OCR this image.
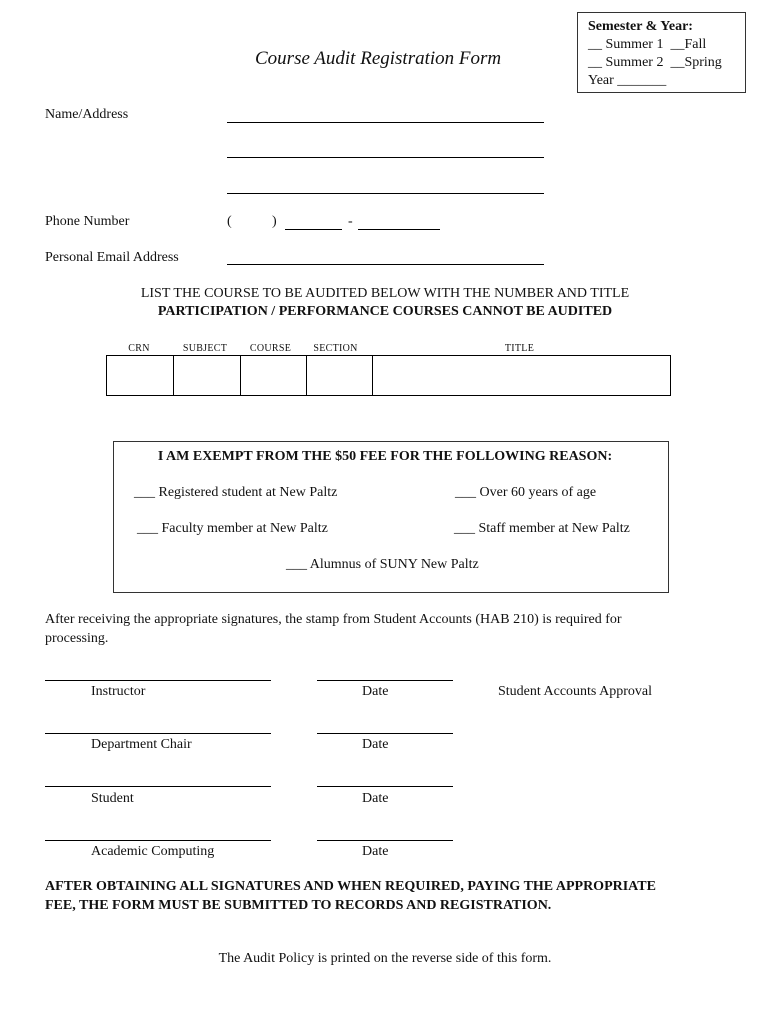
Semester & Year:
__ Summer 1  __Fall
__ Summer 2  __Spring
Year _______
Course Audit Registration Form
Name/Address
Phone Number	(	)	-
Personal Email Address
LIST THE COURSE TO BE AUDITED BELOW WITH THE NUMBER AND TITLE
PARTICIPATION / PERFORMANCE COURSES CANNOT BE AUDITED
CRN	SUBJECT	COURSE	SECTION	TITLE
I AM EXEMPT FROM THE $50 FEE FOR THE FOLLOWING REASON:
___ Registered student at New Paltz	___ Over 60 years of age
___ Faculty member at New Paltz	___ Staff member at New Paltz
___ Alumnus of SUNY New Paltz
After receiving the appropriate signatures, the stamp from Student Accounts (HAB 210) is required for
processing.
Instructor	Date	Student Accounts Approval
Department Chair	Date
Student	Date
Academic Computing	Date
AFTER OBTAINING ALL SIGNATURES AND WHEN REQUIRED, PAYING THE APPROPRIATE
FEE, THE FORM MUST BE SUBMITTED TO RECORDS AND REGISTRATION.
The Audit Policy is printed on the reverse side of this form.
